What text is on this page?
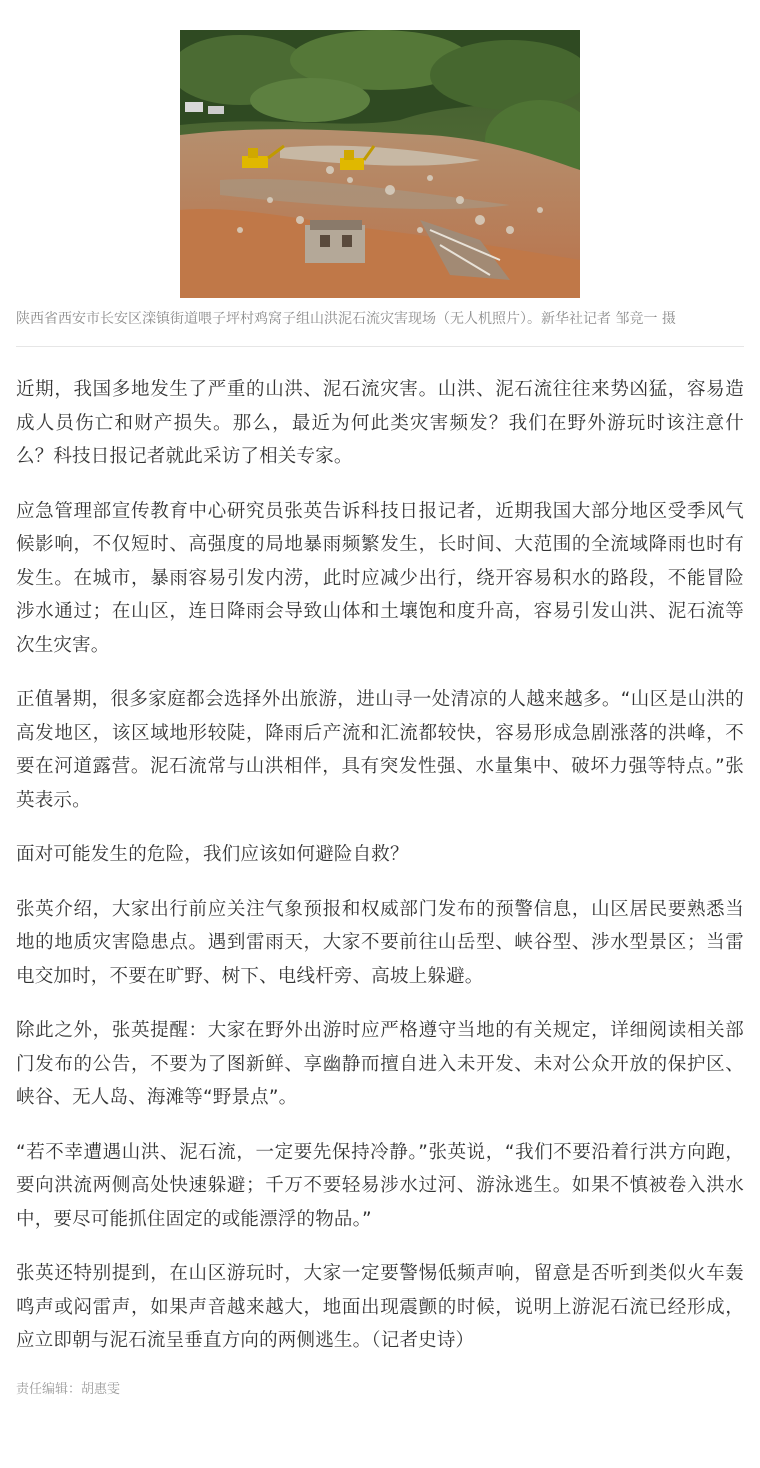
陕西省西安市长安区滦镇街道喂子坪村鸡窝子组山洪泥石流灾害现场（无人机照片）。新华社记者 邹竞一 摄

近期，我国多地发生了严重的山洪、泥石流灾害。山洪、泥石流往往来势凶猛，容易造成人员伤亡和财产损失。那么，最近为何此类灾害频发？我们在野外游玩时该注意什么？科技日报记者就此采访了相关专家。

应急管理部宣传教育中心研究员张英告诉科技日报记者，近期我国大部分地区受季风气候影响，不仅短时、高强度的局地暴雨频繁发生，长时间、大范围的全流域降雨也时有发生。在城市，暴雨容易引发内涝，此时应减少出行，绕开容易积水的路段，不能冒险涉水通过；在山区，连日降雨会导致山体和土壤饱和度升高，容易引发山洪、泥石流等次生灾害。

正值暑期，很多家庭都会选择外出旅游，进山寻一处清凉的人越来越多。“山区是山洪的高发地区，该区域地形较陡，降雨后产流和汇流都较快，容易形成急剧涨落的洪峰，不要在河道露营。泥石流常与山洪相伴，具有突发性强、水量集中、破坏力强等特点。”张英表示。

面对可能发生的危险，我们应该如何避险自救？

张英介绍，大家出行前应关注气象预报和权威部门发布的预警信息，山区居民要熟悉当地的地质灾害隐患点。遇到雷雨天，大家不要前往山岳型、峡谷型、涉水型景区；当雷电交加时，不要在旷野、树下、电线杆旁、高坡上躲避。

除此之外，张英提醒：大家在野外出游时应严格遵守当地的有关规定，详细阅读相关部门发布的公告，不要为了图新鲜、享幽静而擅自进入未开发、未对公众开放的保护区、峡谷、无人岛、海滩等“野景点”。

“若不幸遭遇山洪、泥石流，一定要先保持冷静。”张英说，“我们不要沿着行洪方向跑，要向洪流两侧高处快速躲避；千万不要轻易涉水过河、游泳逃生。如果不慎被卷入洪水中，要尽可能抓住固定的或能漂浮的物品。”

张英还特别提到，在山区游玩时，大家一定要警惕低频声响，留意是否听到类似火车轰鸣声或闷雷声，如果声音越来越大，地面出现震颤的时候，说明上游泥石流已经形成，应立即朝与泥石流呈垂直方向的两侧逃生。（记者史诗）

责任编辑：胡惠雯
